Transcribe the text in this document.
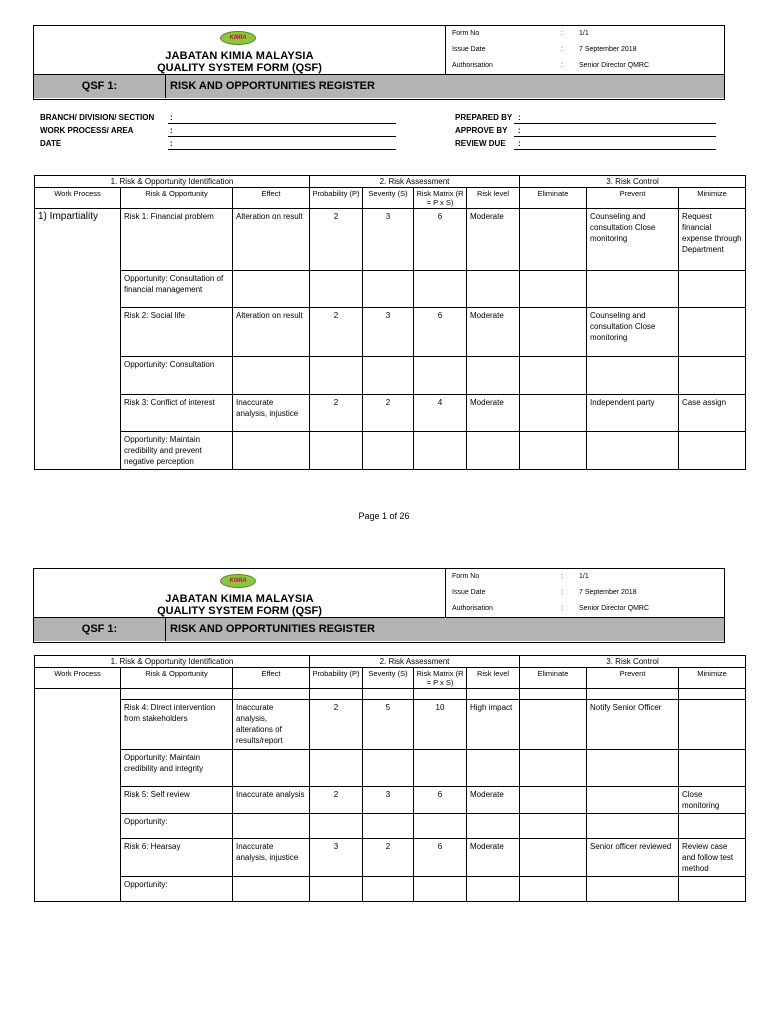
KIMIA
JABATAN KIMIA MALAYSIA
QUALITY SYSTEM FORM (QSF)
Form No	: 1/1
Issue Date	: 7 September 2018
Authorisation	: Senior Director QMRC
QSF 1:	RISK AND OPPORTUNITIES REGISTER
BRANCH/ DIVISION/ SECTION :
WORK PROCESS/ AREA	:
DATE	:
PREPARED BY :
APPROVE BY :
REVIEW DUE :
1. Risk & Opportunity Identification			2. Risk Assessment				3. Risk Control		
Work Process	Risk & Opportunity	Effect	Probability (P)	Severity (S)	Risk Matrix (R = P x S)	Risk level	Eliminate	Prevent	Minimize
1) Impartiality	Risk 1: Financial problem	Alteration on result	2	3	6	Moderate		Counseling and consultation Close monitoring	Request financial expense through Department
	Opportunity: Consultation of financial management								
	Risk 2: Social life	Alteration on result	2	3	6	Moderate		Counseling and consultation Close monitoring	
	Opportunity: Consultation								
	Risk 3: Conflict of interest	Inaccurate analysis, injustice	2	2	4	Moderate		Independent party	Case assign
	Opportunity: Maintain credibility and prevent negative perception								
Page 1 of 26
KIMIA
JABATAN KIMIA MALAYSIA
QUALITY SYSTEM FORM (QSF)
Form No	: 1/1
Issue Date	: 7 September 2018
Authorisation	: Senior Director QMRC
QSF 1:	RISK AND OPPORTUNITIES REGISTER
1. Risk & Opportunity Identification			2. Risk Assessment				3. Risk Control		
Work Process	Risk & Opportunity	Effect	Probability (P)	Severity (S)	Risk Matrix (R = P x S)	Risk level	Eliminate	Prevent	Minimize

	Risk 4: Direct intervention from stakeholders	Inaccurate analysis, alterations of results/report	2	5	10	High impact		Notify Senior Officer	
	Opportunity: Maintain credibility and integrity								
	Risk 5: Self review	Inaccurate analysis	2	3	6	Moderate			Close monitoring
	Opportunity:								
	Risk 6: Hearsay	Inaccurate analysis, injustice	3	2	6	Moderate		Senior officer reviewed	Review case and follow test method
	Opportunity:								
